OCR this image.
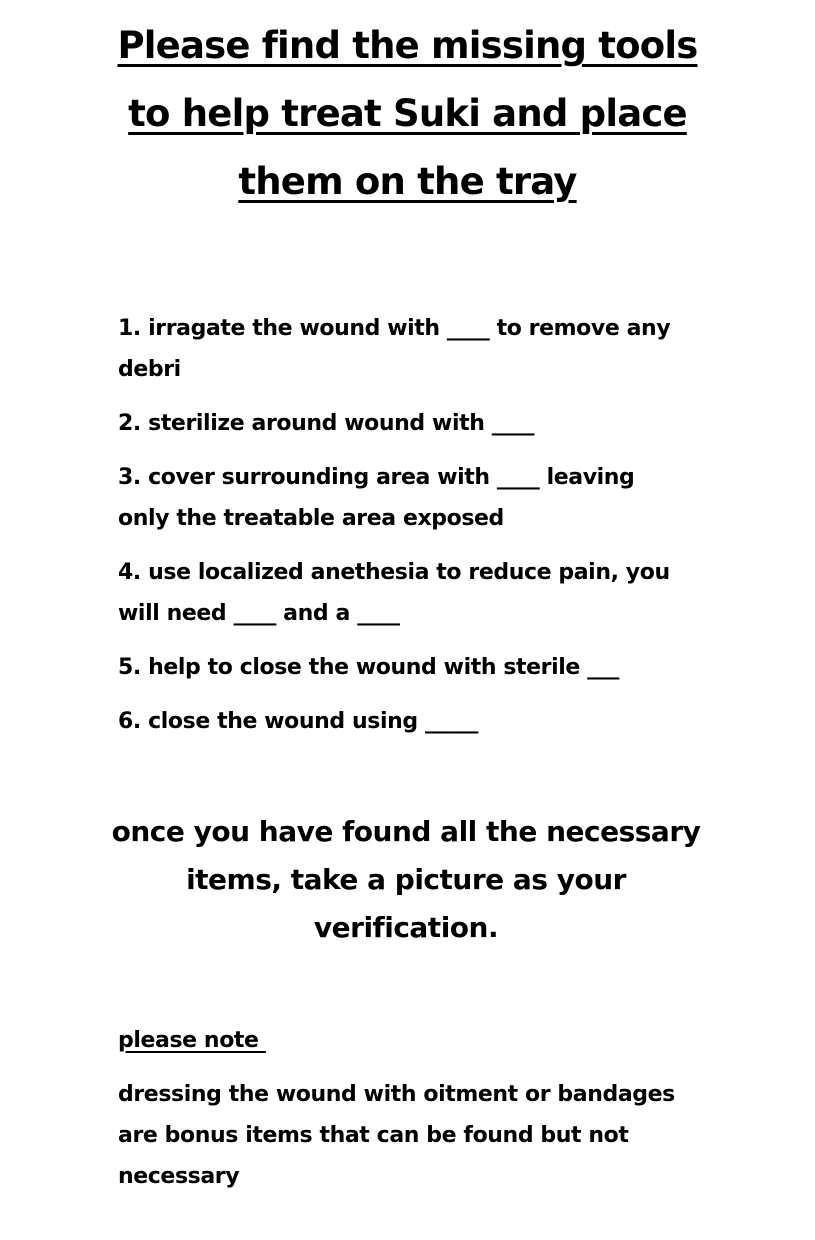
Please find the missing tools
to help treat Suki and place
them on the tray
1. irragate the wound with ____ to remove any
debri
2. sterilize around wound with ____
3. cover surrounding area with ____ leaving
only the treatable area exposed
4. use localized anethesia to reduce pain, you
will need ____ and a ____
5. help to close the wound with sterile ___
6. close the wound using _____

once you have found all the necessary
items, take a picture as your
verification.

please note

dressing the wound with oitment or bandages
are bonus items that can be found but not
necessary
